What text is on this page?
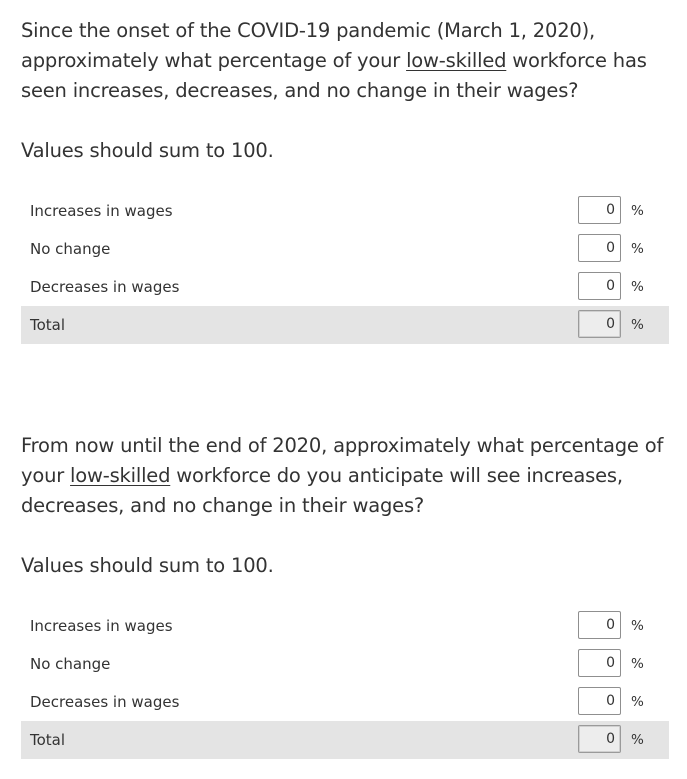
Since the onset of the COVID-19 pandemic (March 1, 2020), approximately what percentage of your low-skilled workforce has seen increases, decreases, and no change in their wages?

Values should sum to 100.

Increases in wages
0	%
No change
0	%
Decreases in wages
0	%
Total
0	%

From now until the end of 2020, approximately what percentage of your low-skilled workforce do you anticipate will see increases, decreases, and no change in their wages?

Values should sum to 100.

Increases in wages
0	%
No change
0	%
Decreases in wages
0	%
Total
0	%
